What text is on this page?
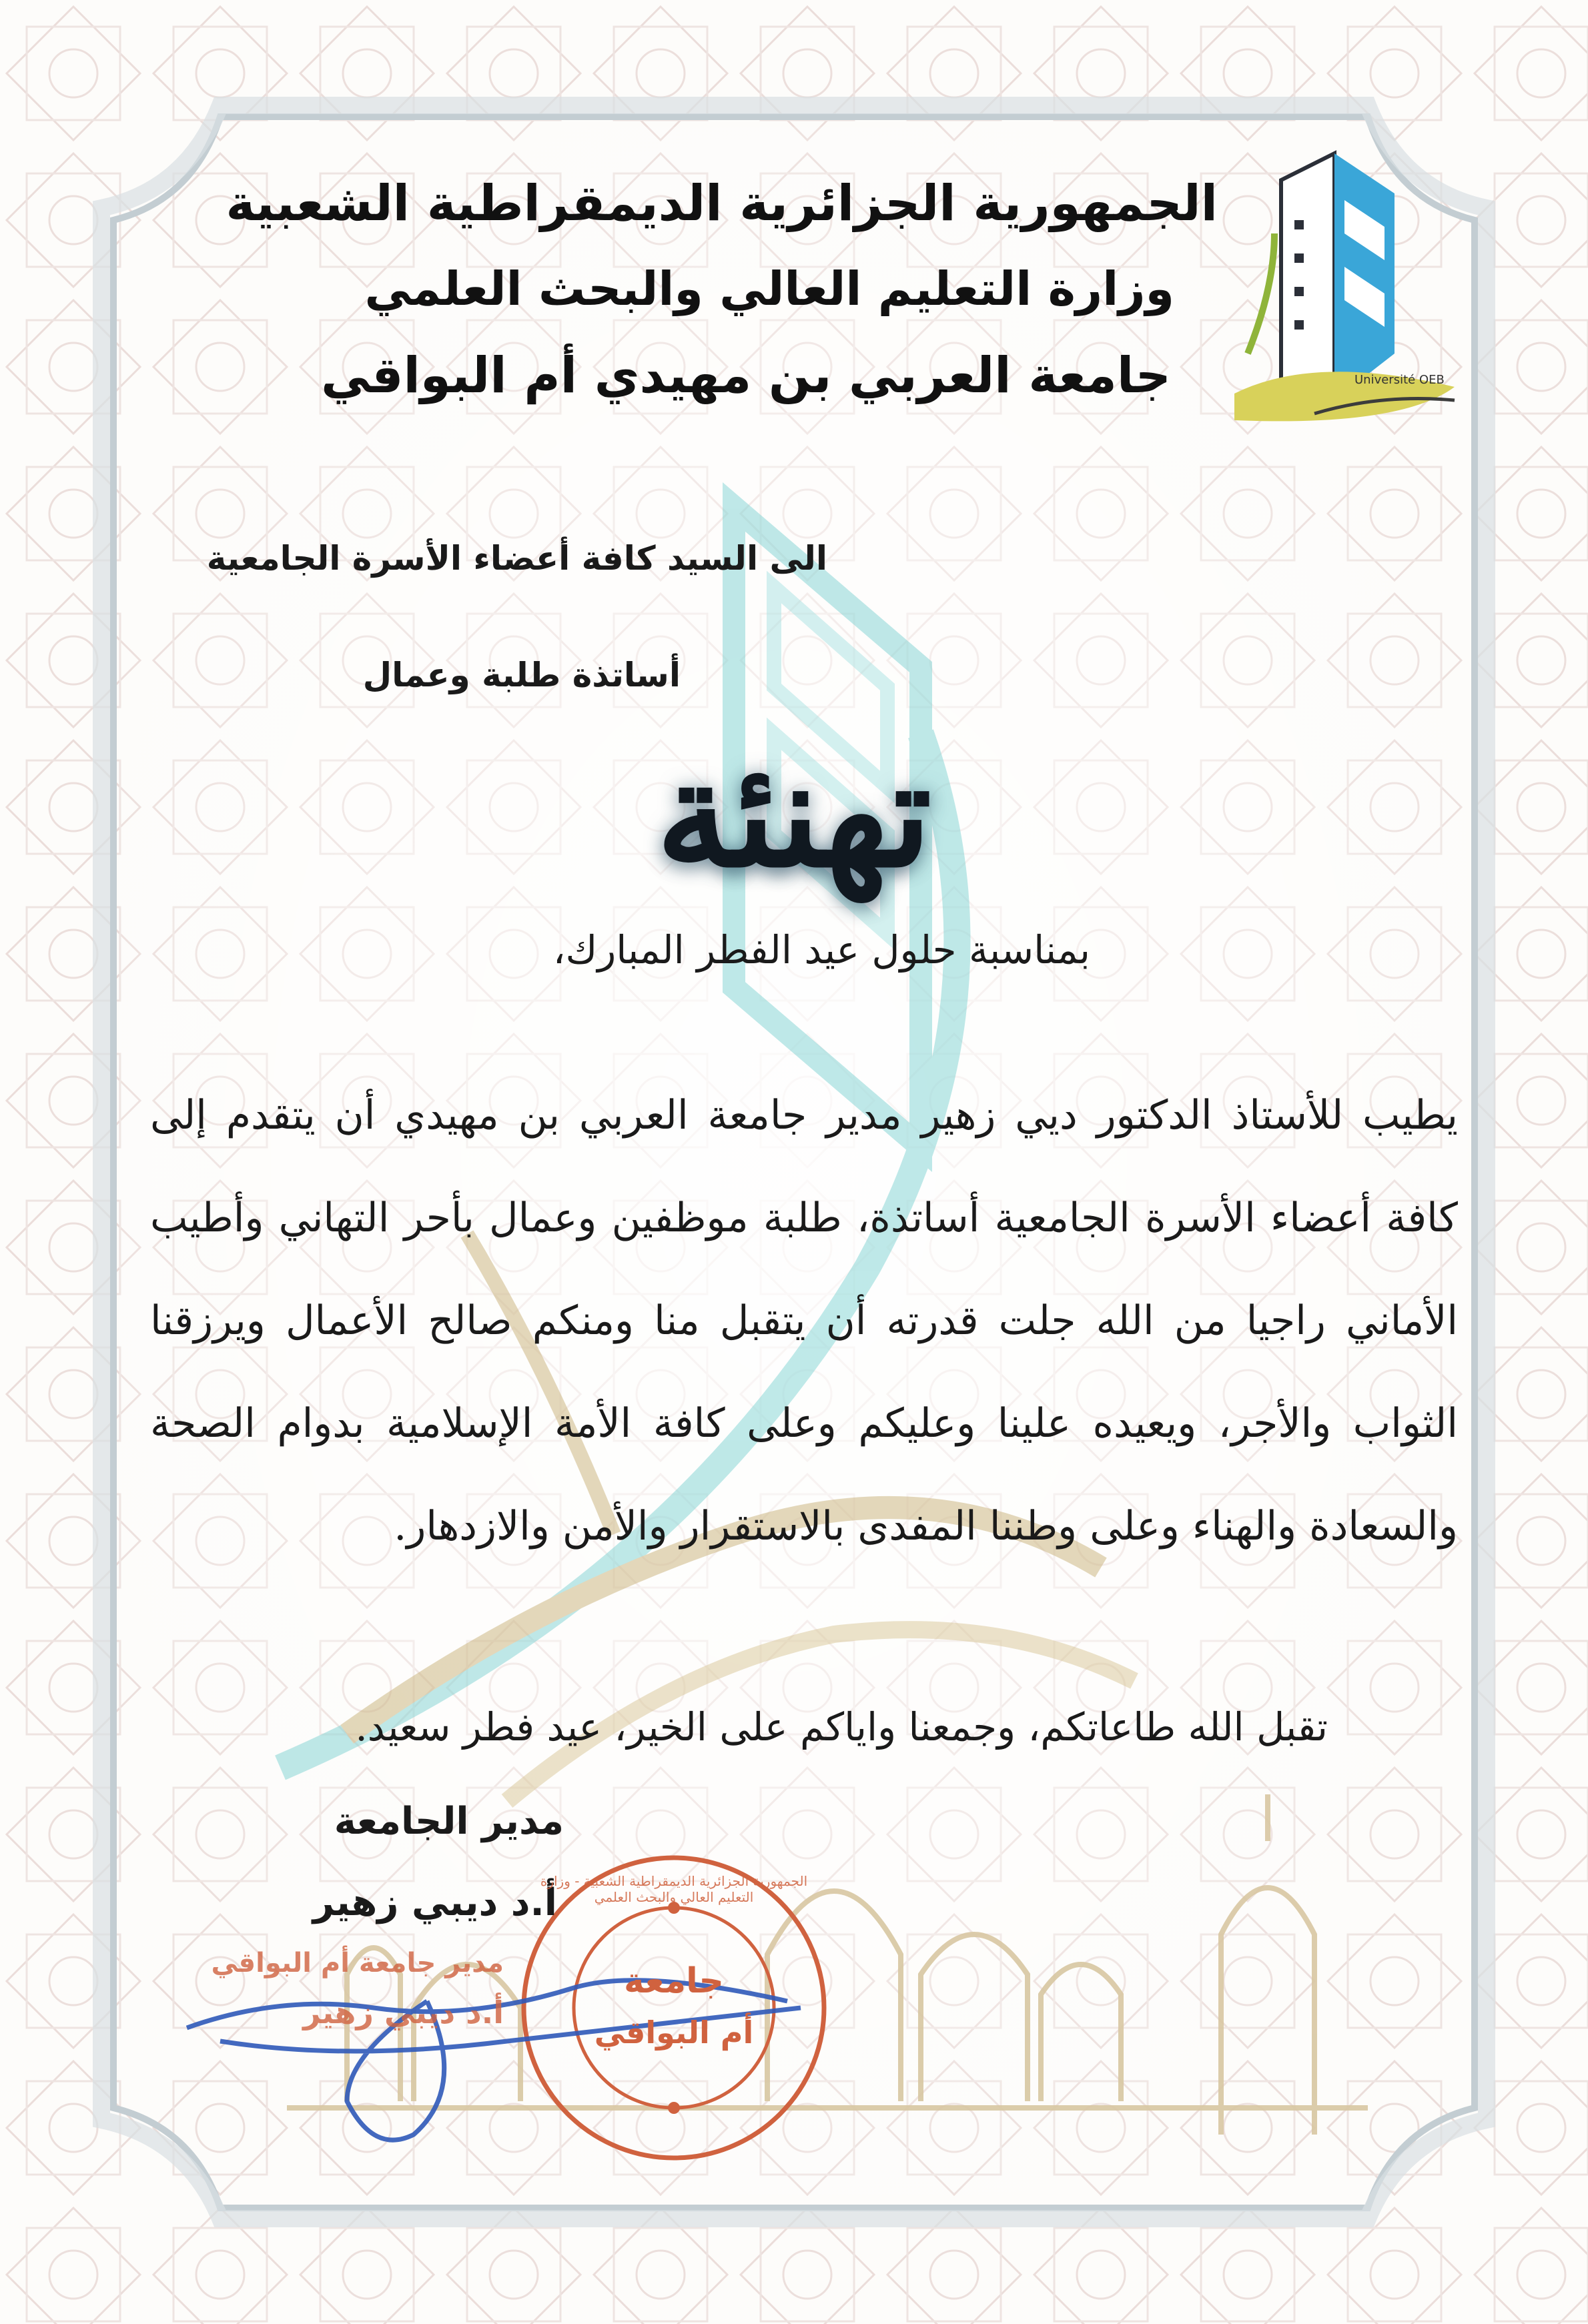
Université OEB
الجمهورية الجزائرية الديمقراطية الشعبية
وزارة التعليم العالي والبحث العلمي
جامعة العربي بن مهيدي أم البواقي
الى السيد كافة أعضاء الأسرة الجامعية
أساتذة طلبة وعمال
تهنئة
بمناسبة حلول عيد الفطر المبارك،
يطيب للأستاذ الدكتور ديي زهير مدير جامعة العربي بن مهيدي أن يتقدم إلى كافة أعضاء الأسرة الجامعية أساتذة، طلبة موظفين وعمال بأحر التهاني وأطيب الأماني راجيا من الله جلت قدرته أن يتقبل منا ومنكم صالح الأعمال ويرزقنا الثواب والأجر، ويعيده علينا وعليكم وعلى كافة الأمة الإسلامية بدوام الصحة والسعادة والهناء وعلى وطننا المفدى بالاستقرار والأمن والازدهار.
تقبل الله طاعاتكم، وجمعنا واياكم على الخير، عيد فطر سعيد.
مدير الجامعة
أ.د ديبي زهير
مدير جامعة أم البواقي
أ.د ديبي زهير
الجمهورية الجزائرية الديمقراطية الشعبية - وزارة التعليم العالي والبحث العلمي
جامعة
أم البواقي
